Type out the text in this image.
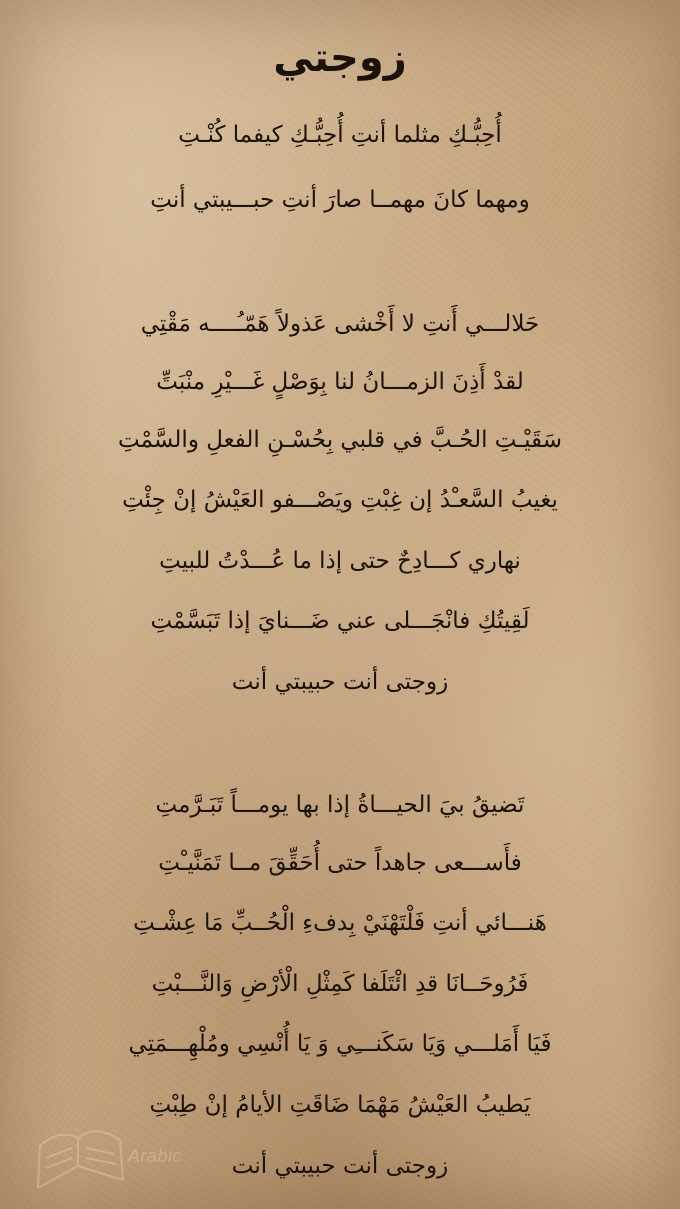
زوجتي
أُحِبُّـكِ مثلما أنتِ أُحِبُّـكِ كيفما كُنْـتِ
ومهما كانَ مهمــا صارَ أنتِ حبـــيبتي أنتِ
حَلالـــي أَنتِ لا أَخْشى عَذولاً هَمّـُــــه مَقْتِي
لقدْ أَذِنَ الزمـــانُ لنا بِوَصْلٍ غَـــيْرِ منْبَتِّ
سَقَيْـتِ الحُـبَّ في قلبي بِحُسْـنِ الفعلِ والسَّمْتِ
يغيبُ السَّعـْدُ إن غِبْتِ ويَصْـــفو العَيْشُ إنْ جِئْتِ
نهاري كـــادِحٌ حتى إذا ما عُـــدْتُ للبيتِ
لَقِيتُكِ فانْجَـــلى عني ضَـــنايَ إذا تَبَسَّمْتِ
زوجتى أنت حبيبتي أنت
تَضيقُ بيَ الحيـــاةُ إذا بها يومـــاً تَبَـرَّمتِ
فأَســـعى جاهداً حتى أُحَقِّقَ مــا تَمَنَّيـْتِ
هَنـــائي أنتِ فَلْتَهْنَيْ بِدفءِ الْحُــبِّ مَا عِشْـتِ
فَرُوحَــانَا قدِ ائْتَلَفا كَمِثْلِ الْأرْضِ وَالنَّـــبْتِ
فَيَا أَمَلـــي وَيَا سَكَنـــِي وَ يَا أُنْسِي ومُلْهِـــمَتِي
يَطيبُ العَيْشُ مَهْمَا ضَاقَتِ الأيامُ إنْ طِبْتِ
زوجتى أنت حبيبتي أنت
Arabic
